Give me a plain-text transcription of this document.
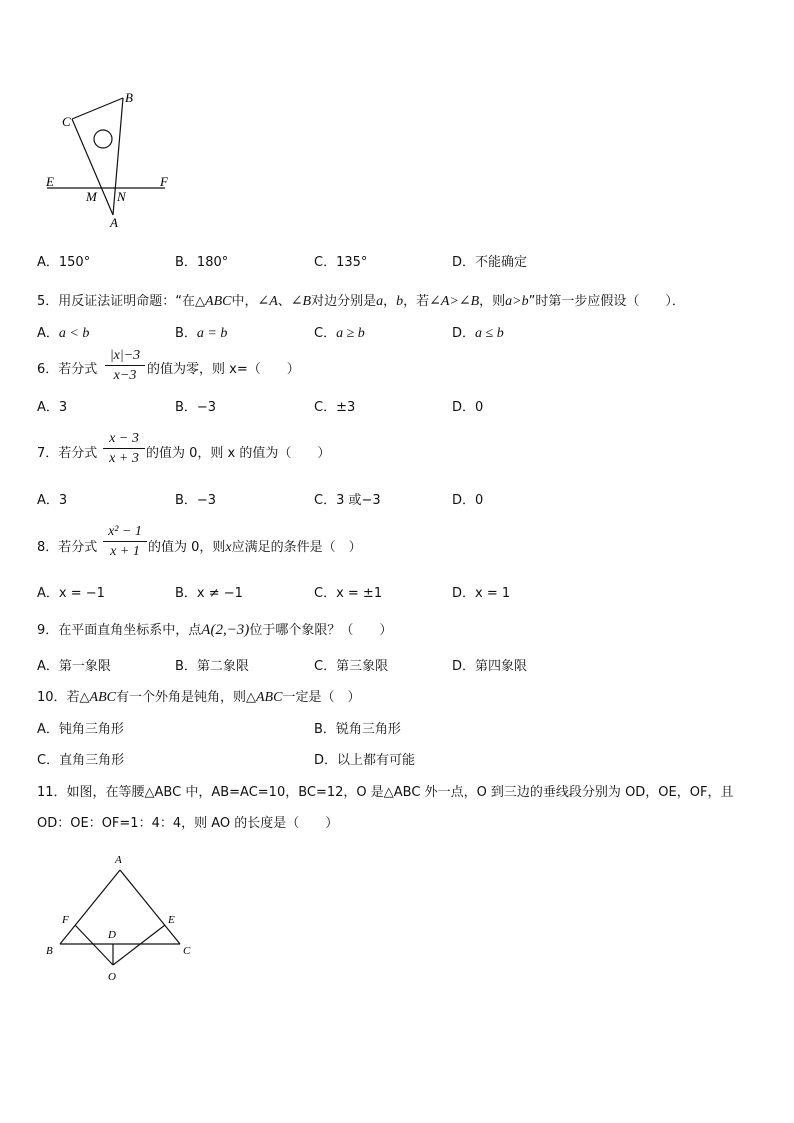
C
B
E	F
M N
A
A．150°	B．180°	C．135°	D．不能确定
5．用反证法证明命题：“在△ABC中，∠A、∠B对边分别是a，b，若∠A>∠B，则a>b”时第一步应假设（　　）．
A．a < b	B．a = b	C．a ≥ b	D．a ≤ b
6．若分式 $\frac{|x|-3}{x-3}$ 的值为零，则 x=（　　）
A．3	B．−3	C．±3	D．0
7．若分式 $\frac{x - 3}{x + 3}$ 的值为 0，则 x 的值为（　　）
A．3	B．−3	C．3 或−3	D．0
8．若分式 $\frac{\text{x² − 1}}{x + 1}$ 的值为 0，则x应满足的条件是（　）
A．x = −1	B．x ≠ −1	C．x = ±1	D．x = 1
9．在平面直角坐标系中，点A(2,−3)位于哪个象限？（　　）
A．第一象限	B．第二象限	C．第三象限	D．第四象限
10．若△ABC有一个外角是钝角，则△ABC一定是（　）
A．钝角三角形	B．锐角三角形
C．直角三角形	D．以上都有可能
11．如图，在等腰△ABC 中，AB=AC=10，BC=12，O 是△ABC 外一点，O 到三边的垂线段分别为 OD，OE，OF，且
OD：OE：OF=1：4：4，则 AO 的长度是（　　）
A
F	E
D
B	C
O
